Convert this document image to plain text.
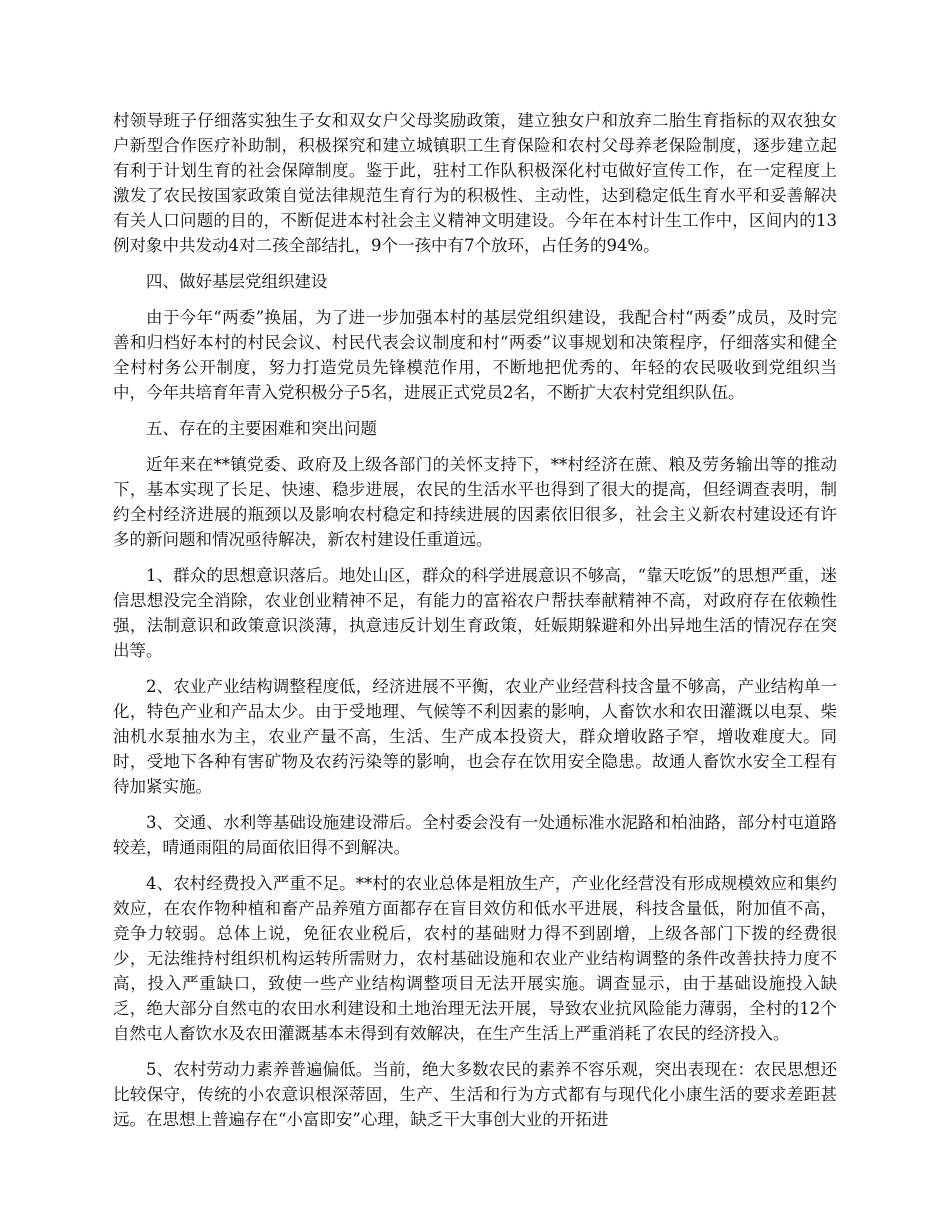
村领导班子仔细落实独生子女和双女户父母奖励政策，建立独女户和放弃二胎生育指标的双农独女户新型合作医疗补助制，积极探究和建立城镇职工生育保险和农村父母养老保险制度，逐步建立起有利于计划生育的社会保障制度。鉴于此，驻村工作队积极深化村屯做好宣传工作，在一定程度上激发了农民按国家政策自觉法律规范生育行为的积极性、主动性，达到稳定低生育水平和妥善解决有关人口问题的目的，不断促进本村社会主义精神文明建设。今年在本村计生工作中，区间内的13例对象中共发动4对二孩全部结扎，9个一孩中有7个放环，占任务的94%。

四、做好基层党组织建设

由于今年“两委”换届，为了进一步加强本村的基层党组织建设，我配合村“两委”成员，及时完善和归档好本村的村民会议、村民代表会议制度和村“两委”议事规划和决策程序，仔细落实和健全全村村务公开制度，努力打造党员先锋模范作用，不断地把优秀的、年轻的农民吸收到党组织当中，今年共培育年青入党积极分子5名，进展正式党员2名，不断扩大农村党组织队伍。

五、存在的主要困难和突出问题

近年来在**镇党委、政府及上级各部门的关怀支持下，**村经济在蔗、粮及劳务输出等的推动下，基本实现了长足、快速、稳步进展，农民的生活水平也得到了很大的提高，但经调查表明，制约全村经济进展的瓶颈以及影响农村稳定和持续进展的因素依旧很多，社会主义新农村建设还有许多的新问题和情况亟待解决，新农村建设任重道远。

1、群众的思想意识落后。地处山区，群众的科学进展意识不够高，“靠天吃饭”的思想严重，迷信思想没完全消除，农业创业精神不足，有能力的富裕农户帮扶奉献精神不高，对政府存在依赖性强，法制意识和政策意识淡薄，执意违反计划生育政策，妊娠期躲避和外出异地生活的情况存在突出等。

2、农业产业结构调整程度低，经济进展不平衡，农业产业经营科技含量不够高，产业结构单一化，特色产业和产品太少。由于受地理、气候等不利因素的影响，人畜饮水和农田灌溉以电泵、柴油机水泵抽水为主，农业产量不高，生活、生产成本投资大，群众增收路子窄，增收难度大。同时，受地下各种有害矿物及农药污染等的影响，也会存在饮用安全隐患。故通人畜饮水安全工程有待加紧实施。

3、交通、水利等基础设施建设滞后。全村委会没有一处通标准水泥路和柏油路，部分村屯道路较差，晴通雨阻的局面依旧得不到解决。

4、农村经费投入严重不足。**村的农业总体是粗放生产，产业化经营没有形成规模效应和集约效应，在农作物种植和畜产品养殖方面都存在盲目效仿和低水平进展，科技含量低，附加值不高，竞争力较弱。总体上说，免征农业税后，农村的基础财力得不到剧增，上级各部门下拨的经费很少，无法维持村组织机构运转所需财力，农村基础设施和农业产业结构调整的条件改善扶持力度不高，投入严重缺口，致使一些产业结构调整项目无法开展实施。调查显示，由于基础设施投入缺乏，绝大部分自然屯的农田水利建设和土地治理无法开展，导致农业抗风险能力薄弱，全村的12个自然屯人畜饮水及农田灌溉基本未得到有效解决，在生产生活上严重消耗了农民的经济投入。

5、农村劳动力素养普遍偏低。当前，绝大多数农民的素养不容乐观，突出表现在：农民思想还比较保守，传统的小农意识根深蒂固，生产、生活和行为方式都有与现代化小康生活的要求差距甚远。在思想上普遍存在“小富即安”心理，缺乏干大事创大业的开拓进
